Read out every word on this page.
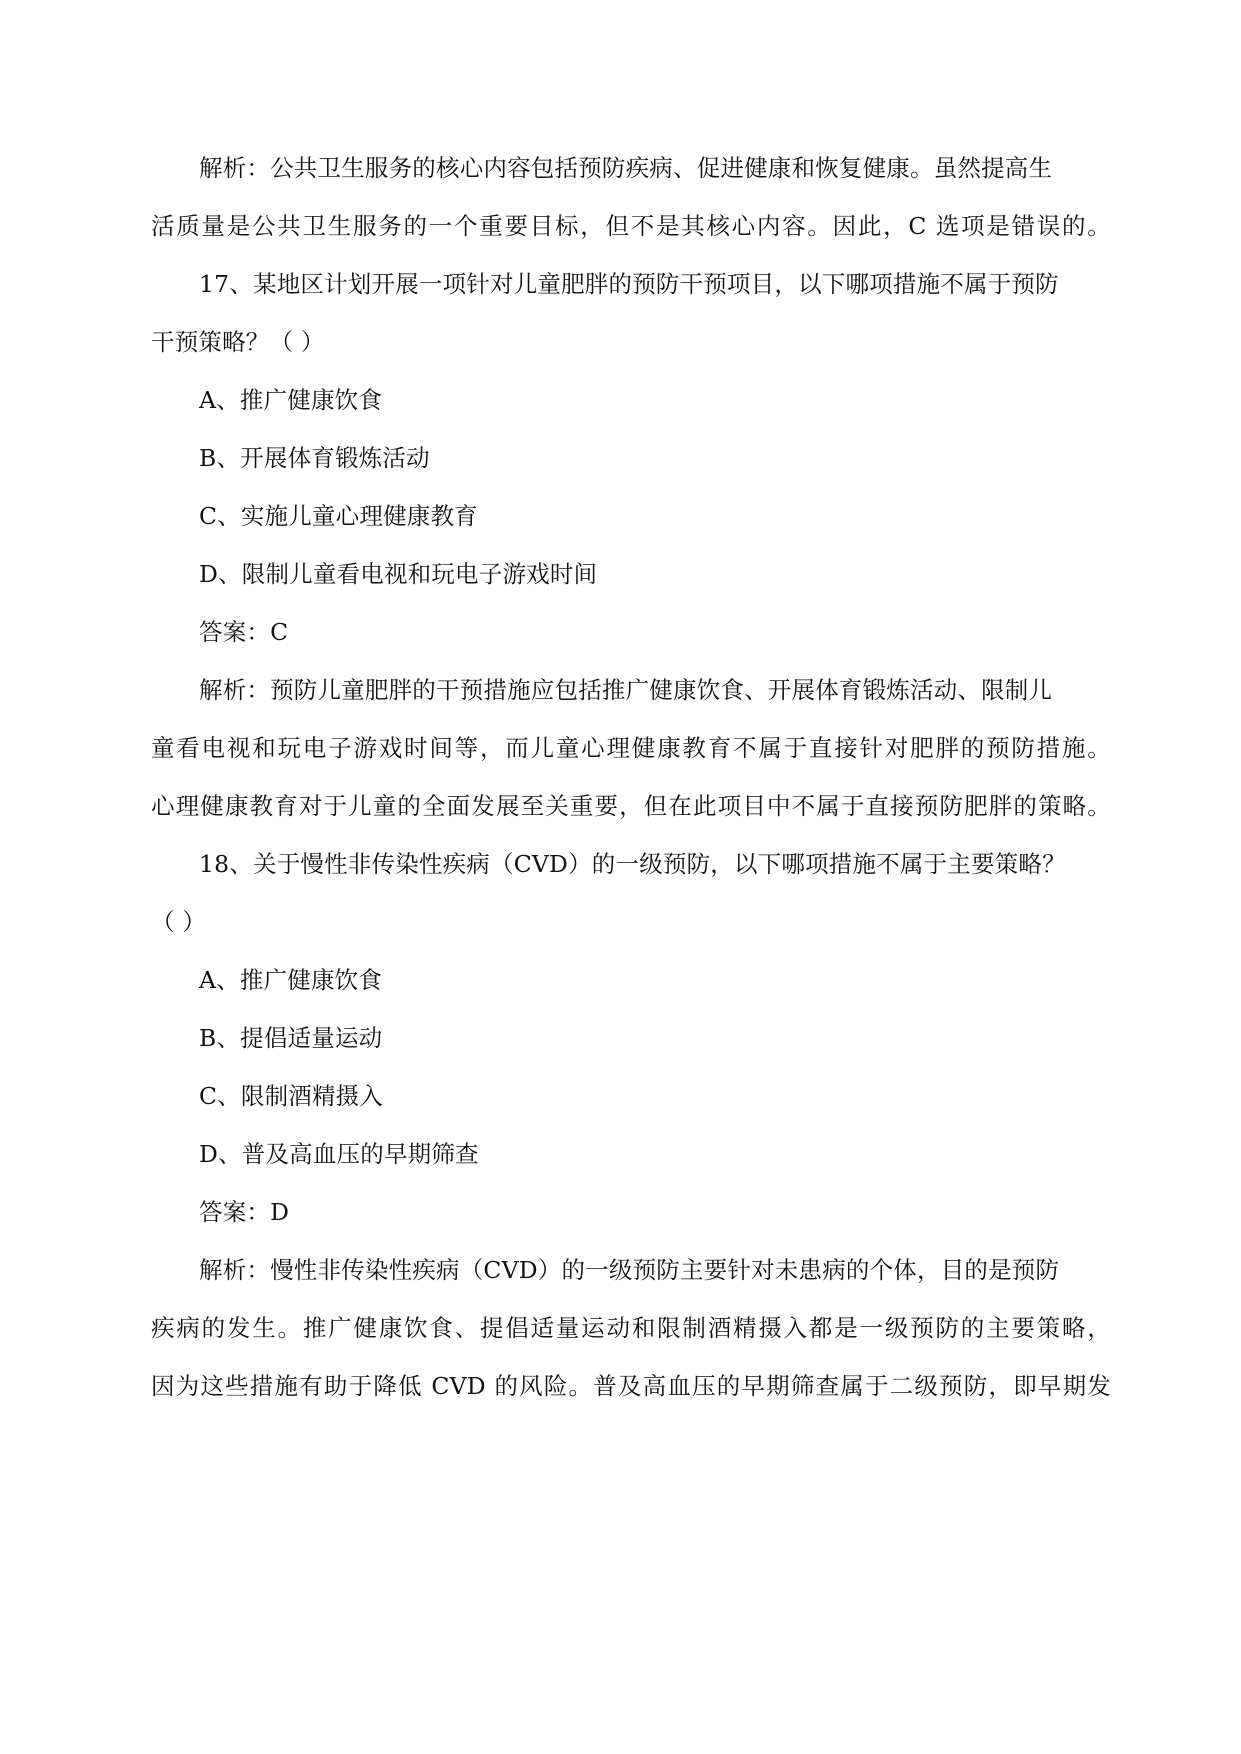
解析：公共卫生服务的核心内容包括预防疾病、促进健康和恢复健康。虽然提高生
活质量是公共卫生服务的一个重要目标，但不是其核心内容。因此，C 选项是错误的。
17、某地区计划开展一项针对儿童肥胖的预防干预项目，以下哪项措施不属于预防
干预策略？（ ）
A、推广健康饮食
B、开展体育锻炼活动
C、实施儿童心理健康教育
D、限制儿童看电视和玩电子游戏时间
答案：C
解析：预防儿童肥胖的干预措施应包括推广健康饮食、开展体育锻炼活动、限制儿
童看电视和玩电子游戏时间等，而儿童心理健康教育不属于直接针对肥胖的预防措施。
心理健康教育对于儿童的全面发展至关重要，但在此项目中不属于直接预防肥胖的策略。
18、关于慢性非传染性疾病（CVD）的一级预防，以下哪项措施不属于主要策略？
（ ）
A、推广健康饮食
B、提倡适量运动
C、限制酒精摄入
D、普及高血压的早期筛查
答案：D
解析：慢性非传染性疾病（CVD）的一级预防主要针对未患病的个体，目的是预防
疾病的发生。推广健康饮食、提倡适量运动和限制酒精摄入都是一级预防的主要策略，
因为这些措施有助于降低 CVD 的风险。普及高血压的早期筛查属于二级预防，即早期发
